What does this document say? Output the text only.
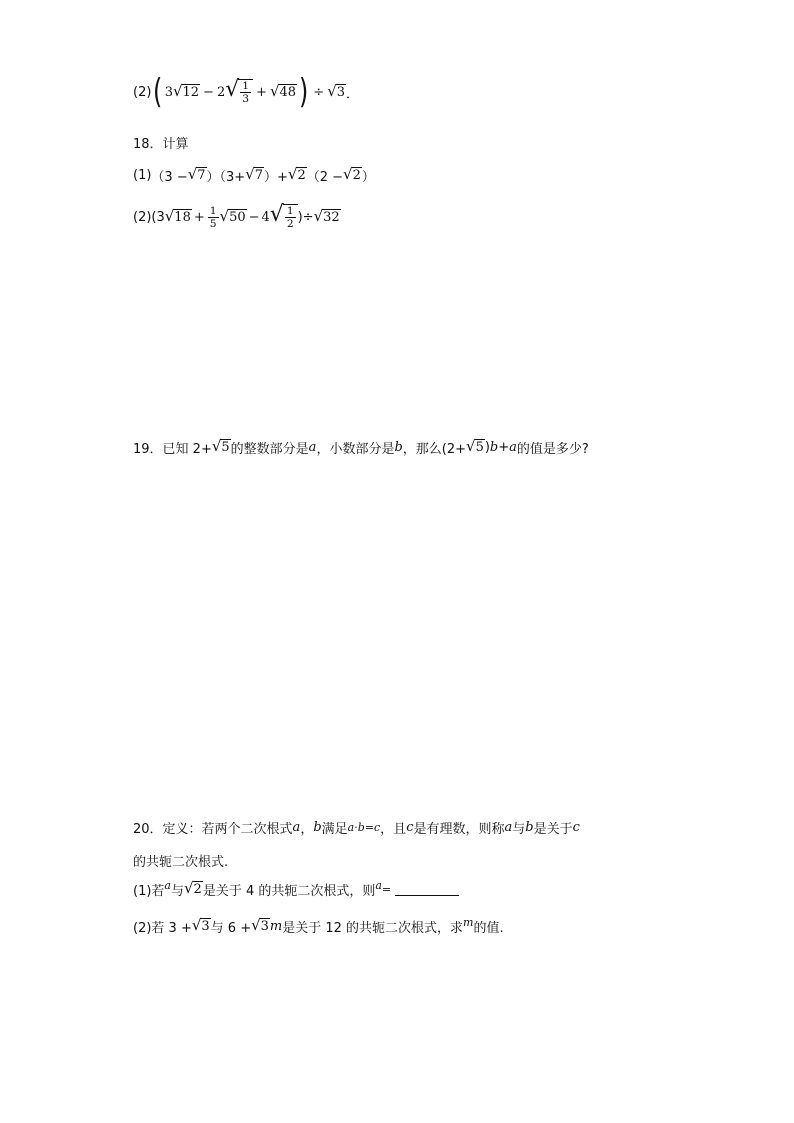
(2) ( 3 √ 12 − 2 √ $\frac{1}{3}$ + √ 48 ) ÷ √ 3 ．
18．计算
(1) （3 − √ 7 ）（3+ √ 7 ）+ √ 2 （2 − √ 2 ）
(2)(3 √ $18 + \frac{1}{5}$ √ 50 − 4 √ $\frac{1}{2}$ )÷ √ 32
19．已知 2+ √ 5 的整数部分是 a ，小数部分是 b ，那么(2+ √ 5 ) b + a 的值是多少?
20．定义：若两个二次根式 a ， b 满足 a · b = c ，且 c 是有理数，则称 a 与 b 是关于 c
的共轭二次根式.
(1)若 a 与 √ 2 是关于 4 的共轭二次根式，则 a =
(2)若 3 + √ 3 与 6 + √ 3 m 是关于 12 的共轭二次根式，求 m 的值.
